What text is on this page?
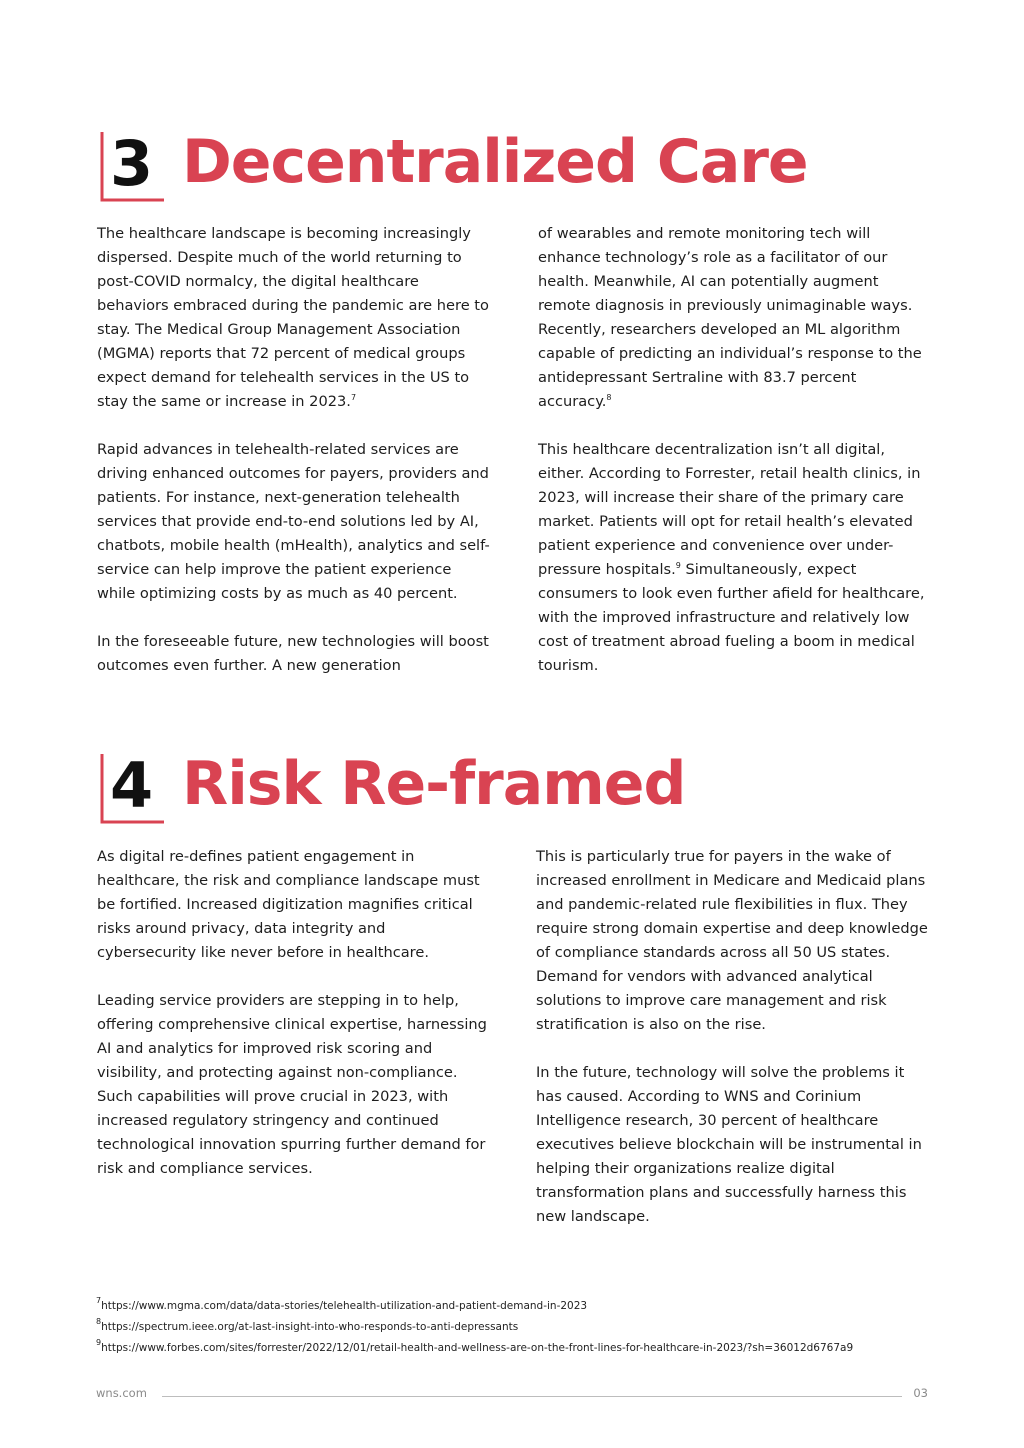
3 Decentralized Care

The healthcare landscape is becoming increasingly dispersed. Despite much of the world returning to post-COVID normalcy, the digital healthcare behaviors embraced during the pandemic are here to stay. The Medical Group Management Association (MGMA) reports that 72 percent of medical groups expect demand for telehealth services in the US to stay the same or increase in 2023.$^7$

Rapid advances in telehealth-related services are driving enhanced outcomes for payers, providers and patients. For instance, next-generation telehealth services that provide end-to-end solutions led by AI, chatbots, mobile health (mHealth), analytics and self-service can help improve the patient experience while optimizing costs by as much as 40 percent.

In the foreseeable future, new technologies will boost outcomes even further. A new generation

of wearables and remote monitoring tech will enhance technology’s role as a facilitator of our health. Meanwhile, AI can potentially augment remote diagnosis in previously unimaginable ways. Recently, researchers developed an ML algorithm capable of predicting an individual’s response to the antidepressant Sertraline with 83.7 percent accuracy.$^8$

This healthcare decentralization isn’t all digital, either. According to Forrester, retail health clinics, in 2023, will increase their share of the primary care market. Patients will opt for retail health’s elevated patient experience and convenience over under-pressure hospitals.$^9$ Simultaneously, expect consumers to look even further afield for healthcare, with the improved infrastructure and relatively low cost of treatment abroad fueling a boom in medical tourism.

4 Risk Re-framed

As digital re-defines patient engagement in healthcare, the risk and compliance landscape must be fortified. Increased digitization magnifies critical risks around privacy, data integrity and cybersecurity like never before in healthcare.

Leading service providers are stepping in to help, offering comprehensive clinical expertise, harnessing AI and analytics for improved risk scoring and visibility, and protecting against non-compliance. Such capabilities will prove crucial in 2023, with increased regulatory stringency and continued technological innovation spurring further demand for risk and compliance services.

This is particularly true for payers in the wake of increased enrollment in Medicare and Medicaid plans and pandemic-related rule flexibilities in flux. They require strong domain expertise and deep knowledge of compliance standards across all 50 US states. Demand for vendors with advanced analytical solutions to improve care management and risk stratification is also on the rise.

In the future, technology will solve the problems it has caused. According to WNS and Corinium Intelligence research, 30 percent of healthcare executives believe blockchain will be instrumental in helping their organizations realize digital transformation plans and successfully harness this new landscape.

$^7$https://www.mgma.com/data/data-stories/telehealth-utilization-and-patient-demand-in-2023
$^8$https://spectrum.ieee.org/at-last-insight-into-who-responds-to-anti-depressants
$^9$https://www.forbes.com/sites/forrester/2022/12/01/retail-health-and-wellness-are-on-the-front-lines-for-healthcare-in-2023/?sh=36012d6767a9
wns.com	03
